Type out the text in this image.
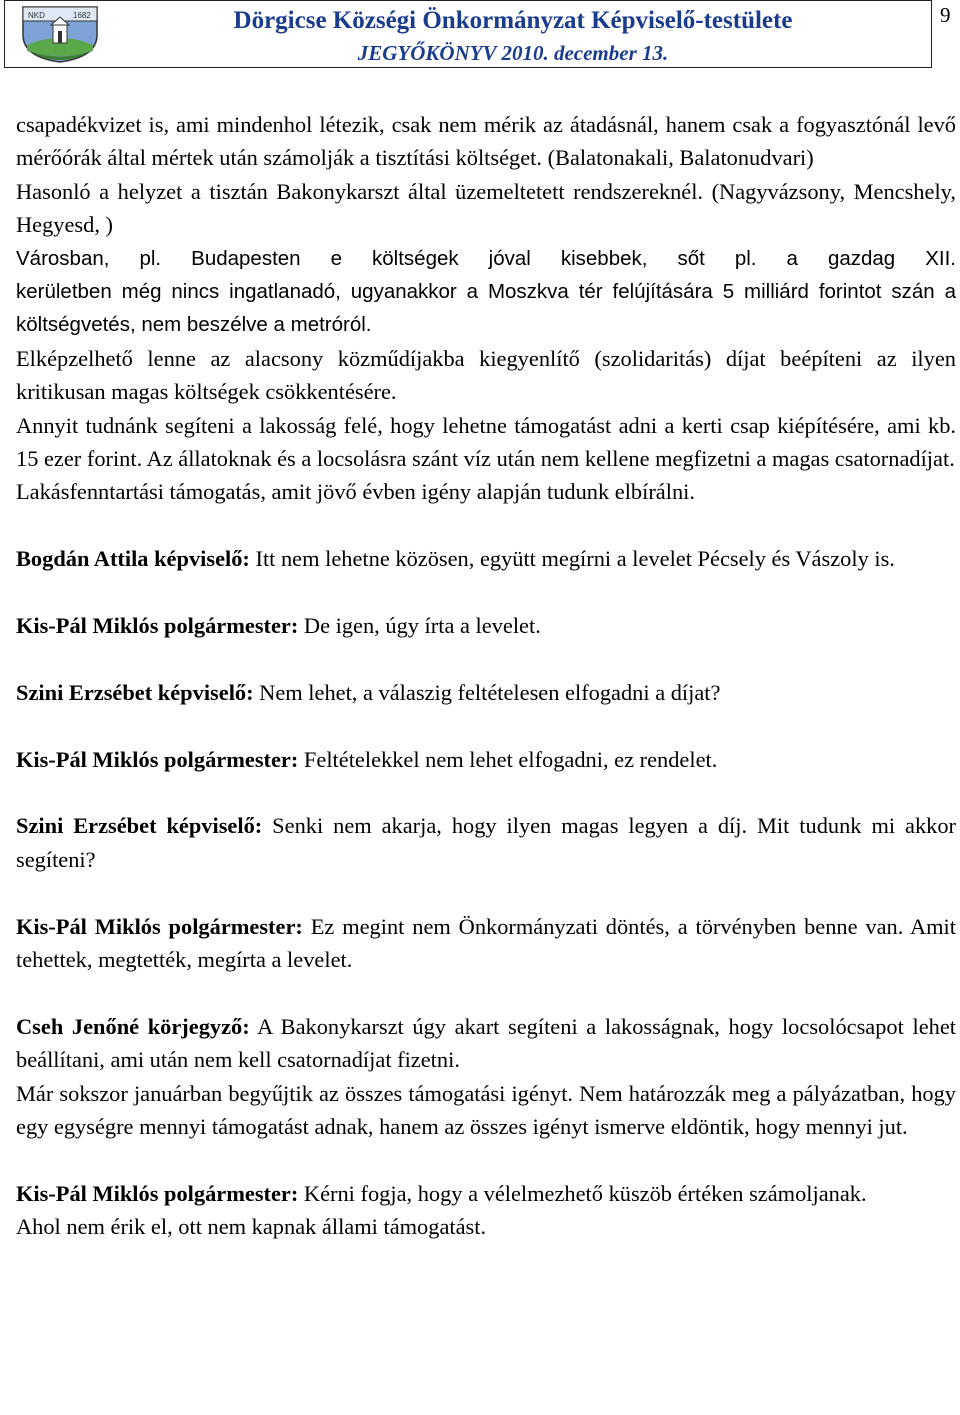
NKD	1682	Dörgicse Községi Önkormányzat Képviselő-testülete
JEGYŐKÖNYV 2010. december 13.
9

csapadékvizet is, ami mindenhol létezik, csak nem mérik az átadásnál, hanem csak a fogyasztónál levő mérőórák által mértek után számolják a tisztítási költséget. (Balatonakali, Balatonudvari)

Hasonló a helyzet a tisztán Bakonykarszt által üzemeltetett rendszereknél. (Nagyvázsony, Mencshely, Hegyesd, )

Városban, pl. Budapesten e költségek jóval kisebbek, sőt pl. a gazdag XII.

kerületben még nincs ingatlanadó, ugyanakkor a Moszkva tér felújítására 5 milliárd forintot szán a költségvetés, nem beszélve a metróról.

Elképzelhető lenne az alacsony közműdíjakba kiegyenlítő (szolidaritás) díjat beépíteni az ilyen kritikusan magas költségek csökkentésére.

Annyit tudnánk segíteni a lakosság felé, hogy lehetne támogatást adni a kerti csap kiépítésére, ami kb. 15 ezer forint. Az állatoknak és a locsolásra szánt víz után nem kellene megfizetni a magas csatornadíjat.

Lakásfenntartási támogatás, amit jövő évben igény alapján tudunk elbírálni.

Bogdán Attila képviselő: Itt nem lehetne közösen, együtt megírni a levelet Pécsely és Vászoly is.

Kis-Pál Miklós polgármester: De igen, úgy írta a levelet.

Szini Erzsébet képviselő: Nem lehet, a válaszig feltételesen elfogadni a díjat?

Kis-Pál Miklós polgármester: Feltételekkel nem lehet elfogadni, ez rendelet.

Szini Erzsébet képviselő: Senki nem akarja, hogy ilyen magas legyen a díj. Mit tudunk mi akkor segíteni?

Kis-Pál Miklós polgármester: Ez megint nem Önkormányzati döntés, a törvényben benne van. Amit tehettek, megtették, megírta a levelet.

Cseh Jenőné körjegyző: A Bakonykarszt úgy akart segíteni a lakosságnak, hogy locsolócsapot lehet beállítani, ami után nem kell csatornadíjat fizetni.

Már sokszor januárban begyűjtik az összes támogatási igényt. Nem határozzák meg a pályázatban, hogy egy egységre mennyi támogatást adnak, hanem az összes igényt ismerve eldöntik, hogy mennyi jut.

Kis-Pál Miklós polgármester: Kérni fogja, hogy a vélelmezhető küszöb értéken számoljanak.

Ahol nem érik el, ott nem kapnak állami támogatást.
